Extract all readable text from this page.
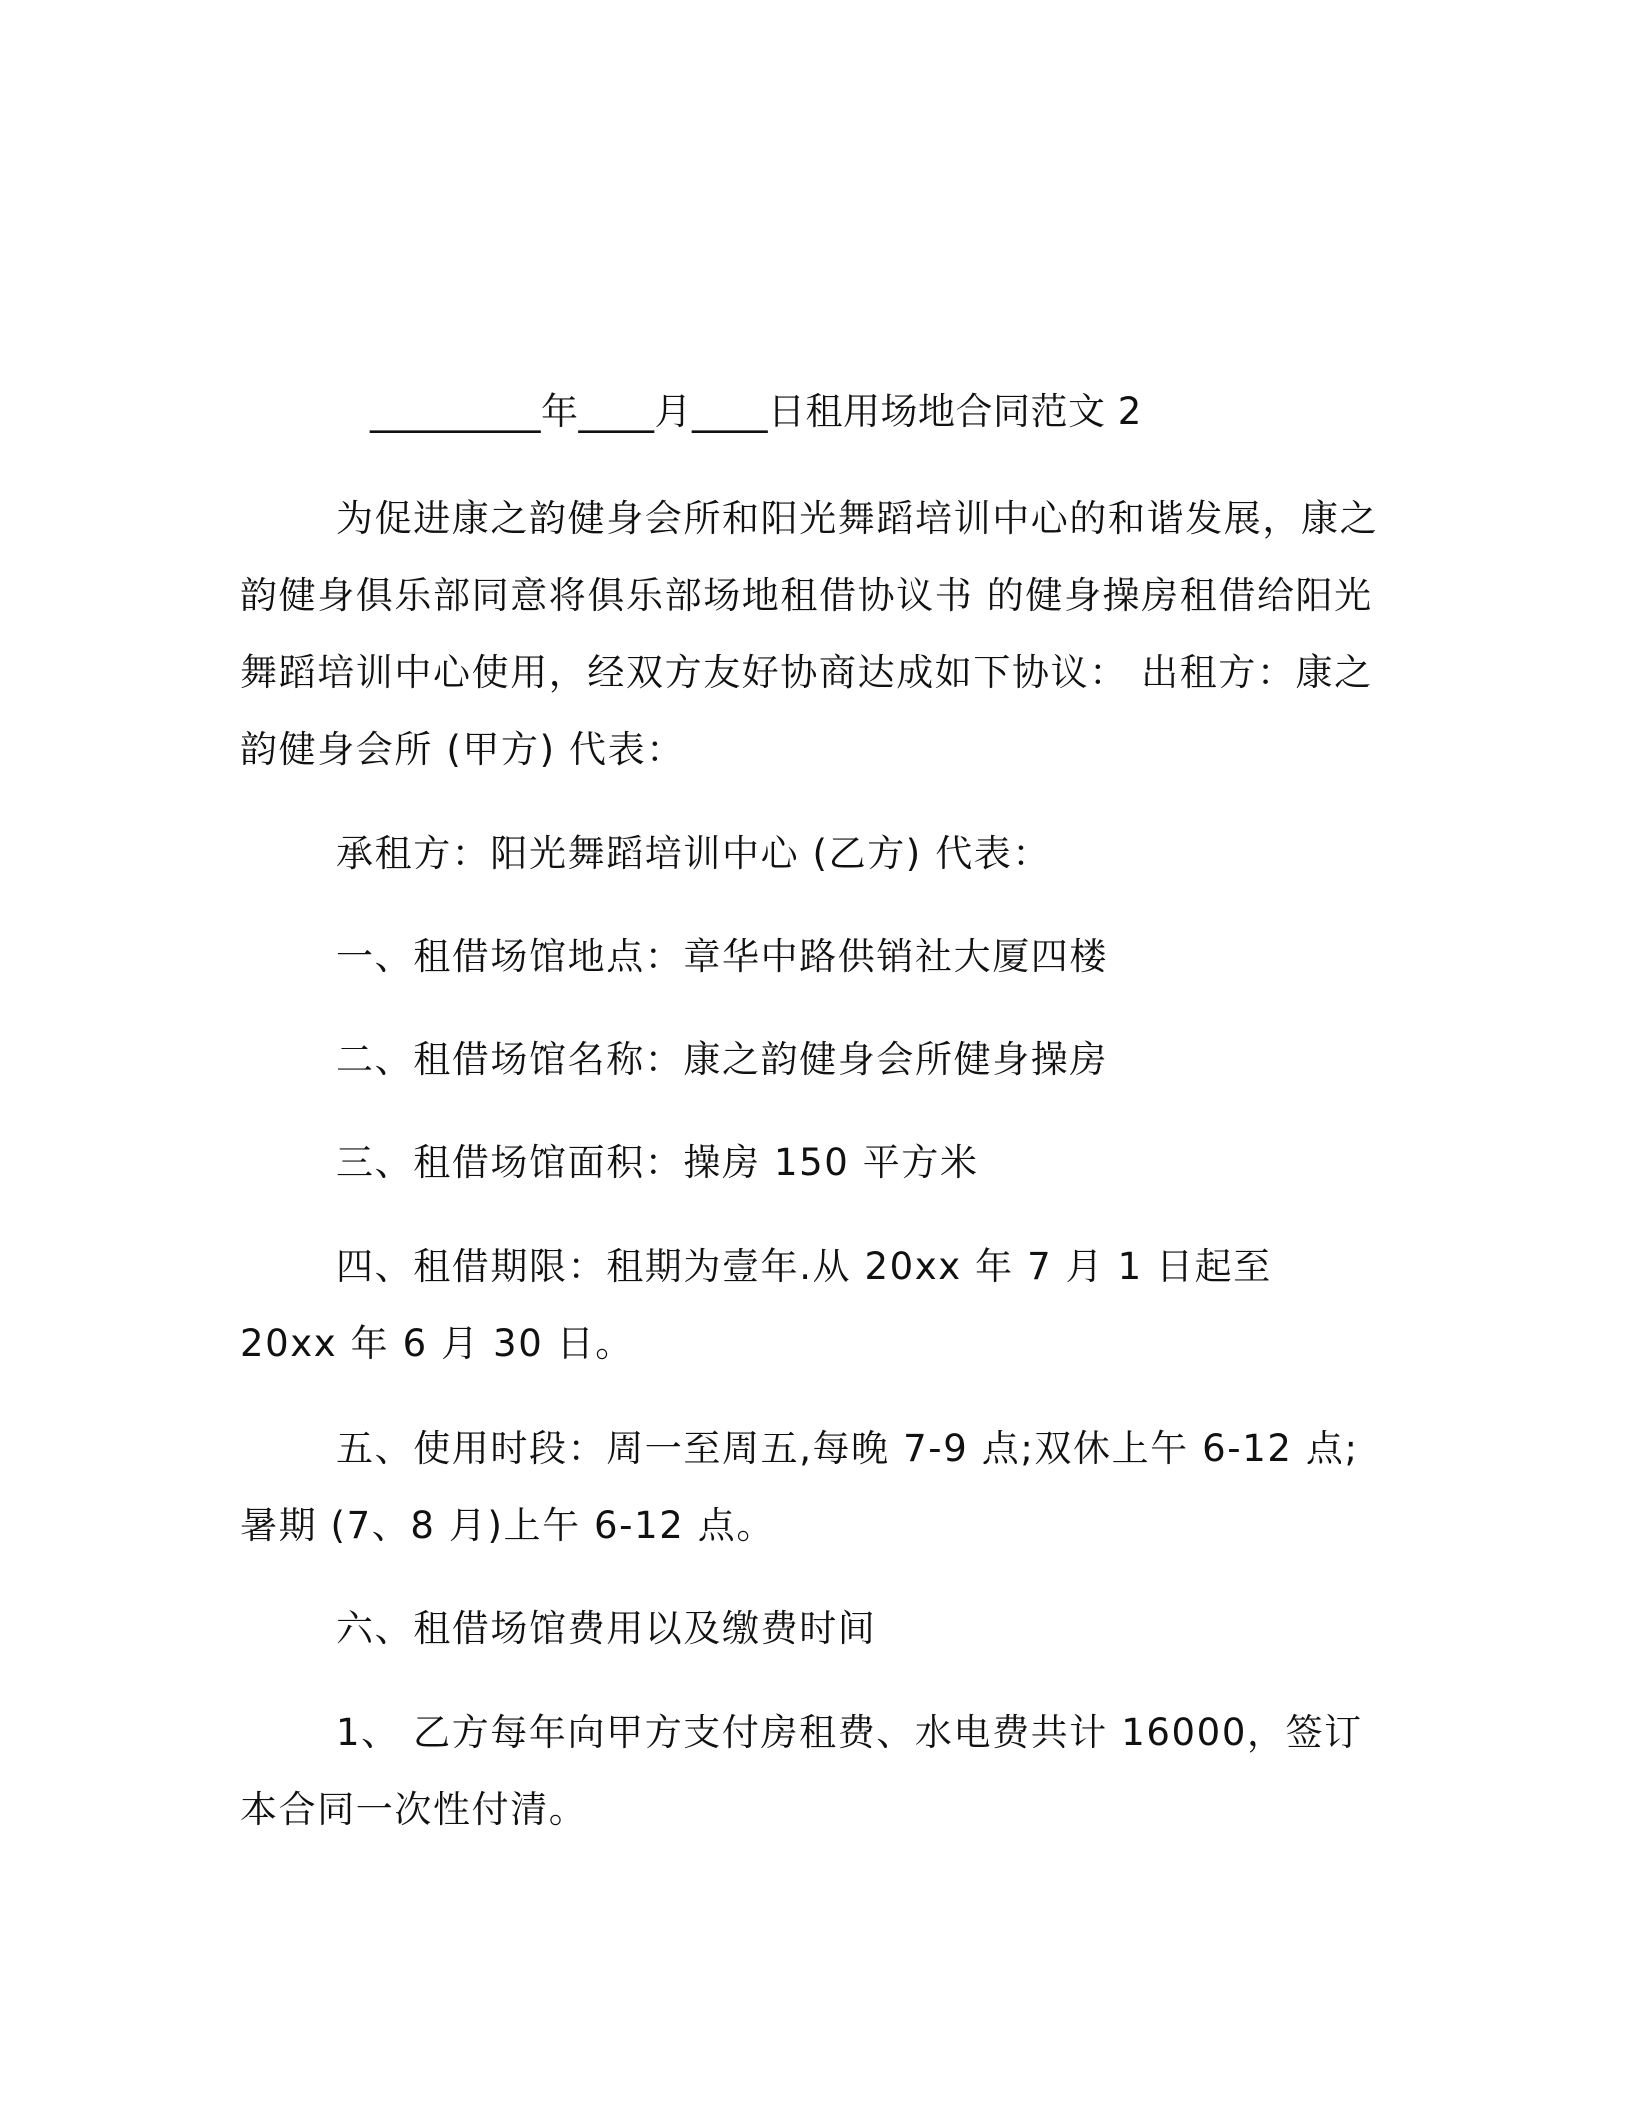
_________年____月____日租用场地合同范文 2
为促进康之韵健身会所和阳光舞蹈培训中心的和谐发展，康之韵健身俱乐部同意将俱乐部场地租借协议书 的健身操房租借给阳光舞蹈培训中心使用，经双方友好协商达成如下协议： 出租方：康之韵健身会所 (甲方) 代表：
承租方：阳光舞蹈培训中心 (乙方) 代表：
一、租借场馆地点：章华中路供销社大厦四楼
二、租借场馆名称：康之韵健身会所健身操房
三、租借场馆面积：操房 150 平方米
四、租借期限：租期为壹年.从 20xx 年 7 月 1 日起至 20xx 年 6 月 30 日。
五、使用时段：周一至周五,每晚 7-9 点;双休上午 6-12 点;暑期 (7、8 月)上午 6-12 点。
六、租借场馆费用以及缴费时间
1、 乙方每年向甲方支付房租费、水电费共计 16000，签订本合同一次性付清。
